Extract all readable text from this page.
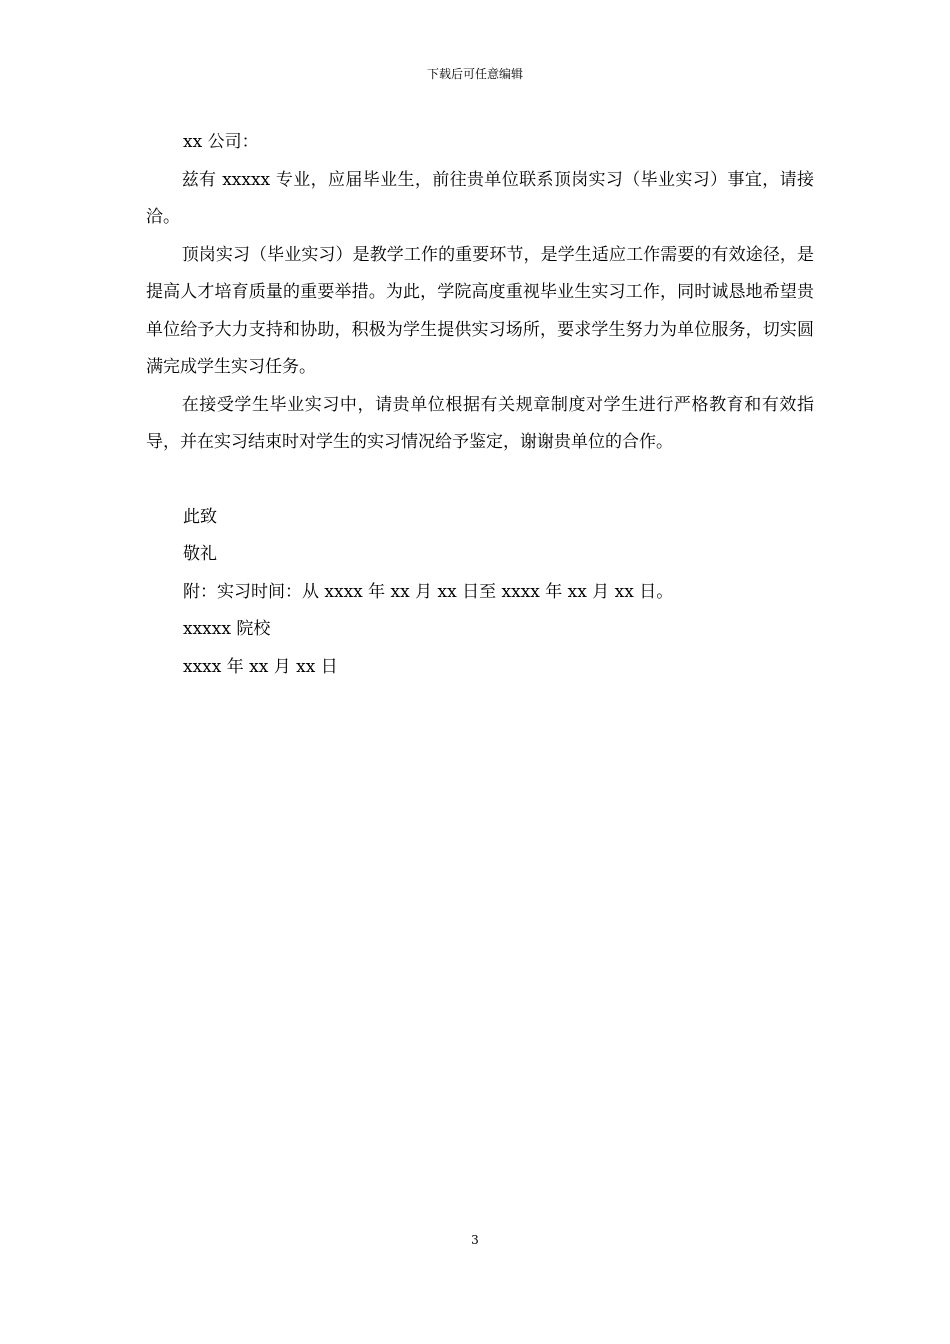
下载后可任意编辑

xx 公司：

兹有 xxxxx 专业，应届毕业生，前往贵单位联系顶岗实习（毕业实习）事宜，请接洽。

顶岗实习（毕业实习）是教学工作的重要环节，是学生适应工作需要的有效途径，是提高人才培育质量的重要举措。为此，学院高度重视毕业生实习工作，同时诚恳地希望贵单位给予大力支持和协助，积极为学生提供实习场所，要求学生努力为单位服务，切实圆满完成学生实习任务。

在接受学生毕业实习中，请贵单位根据有关规章制度对学生进行严格教育和有效指导，并在实习结束时对学生的实习情况给予鉴定，谢谢贵单位的合作。

此致

敬礼

附：实习时间：从 xxxx 年 xx 月 xx 日至 xxxx 年 xx 月 xx 日。

xxxxx 院校

xxxx 年 xx 月 xx 日

3
